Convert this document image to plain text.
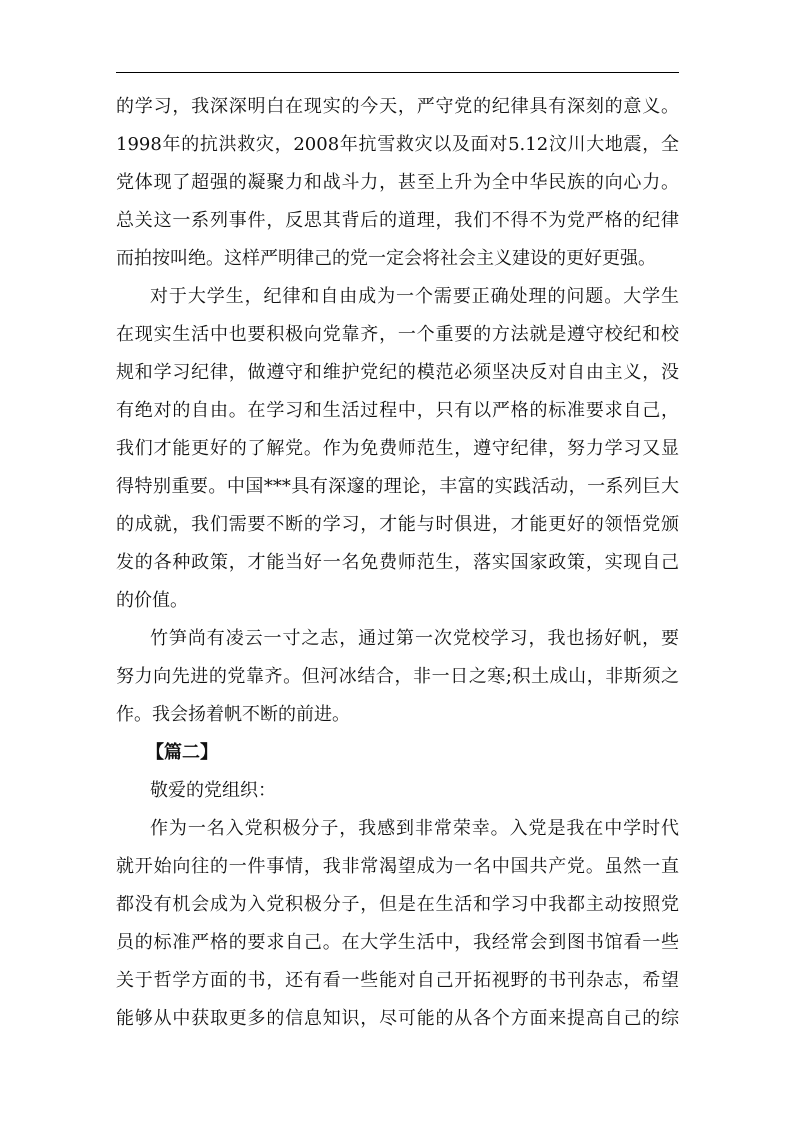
的学习，我深深明白在现实的今天，严守党的纪律具有深刻的意义。
1998年的抗洪救灾，2008年抗雪救灾以及面对5.12汶川大地震，全
党体现了超强的凝聚力和战斗力，甚至上升为全中华民族的向心力。
总关这一系列事件，反思其背后的道理，我们不得不为党严格的纪律
而拍按叫绝。这样严明律己的党一定会将社会主义建设的更好更强。
对于大学生，纪律和自由成为一个需要正确处理的问题。大学生
在现实生活中也要积极向党靠齐，一个重要的方法就是遵守校纪和校
规和学习纪律，做遵守和维护党纪的模范必须坚决反对自由主义，没
有绝对的自由。在学习和生活过程中，只有以严格的标准要求自己，
我们才能更好的了解党。作为免费师范生，遵守纪律，努力学习又显
得特别重要。中国***具有深邃的理论，丰富的实践活动，一系列巨大
的成就，我们需要不断的学习，才能与时俱进，才能更好的领悟党颁
发的各种政策，才能当好一名免费师范生，落实国家政策，实现自己
的价值。
竹笋尚有凌云一寸之志，通过第一次党校学习，我也扬好帆，要
努力向先进的党靠齐。但河冰结合，非一日之寒;积土成山，非斯须之
作。我会扬着帆不断的前进。
【篇二】
敬爱的党组织：
作为一名入党积极分子，我感到非常荣幸。入党是我在中学时代
就开始向往的一件事情，我非常渴望成为一名中国共产党。虽然一直
都没有机会成为入党积极分子，但是在生活和学习中我都主动按照党
员的标准严格的要求自己。在大学生活中，我经常会到图书馆看一些
关于哲学方面的书，还有看一些能对自己开拓视野的书刊杂志，希望
能够从中获取更多的信息知识，尽可能的从各个方面来提高自己的综
